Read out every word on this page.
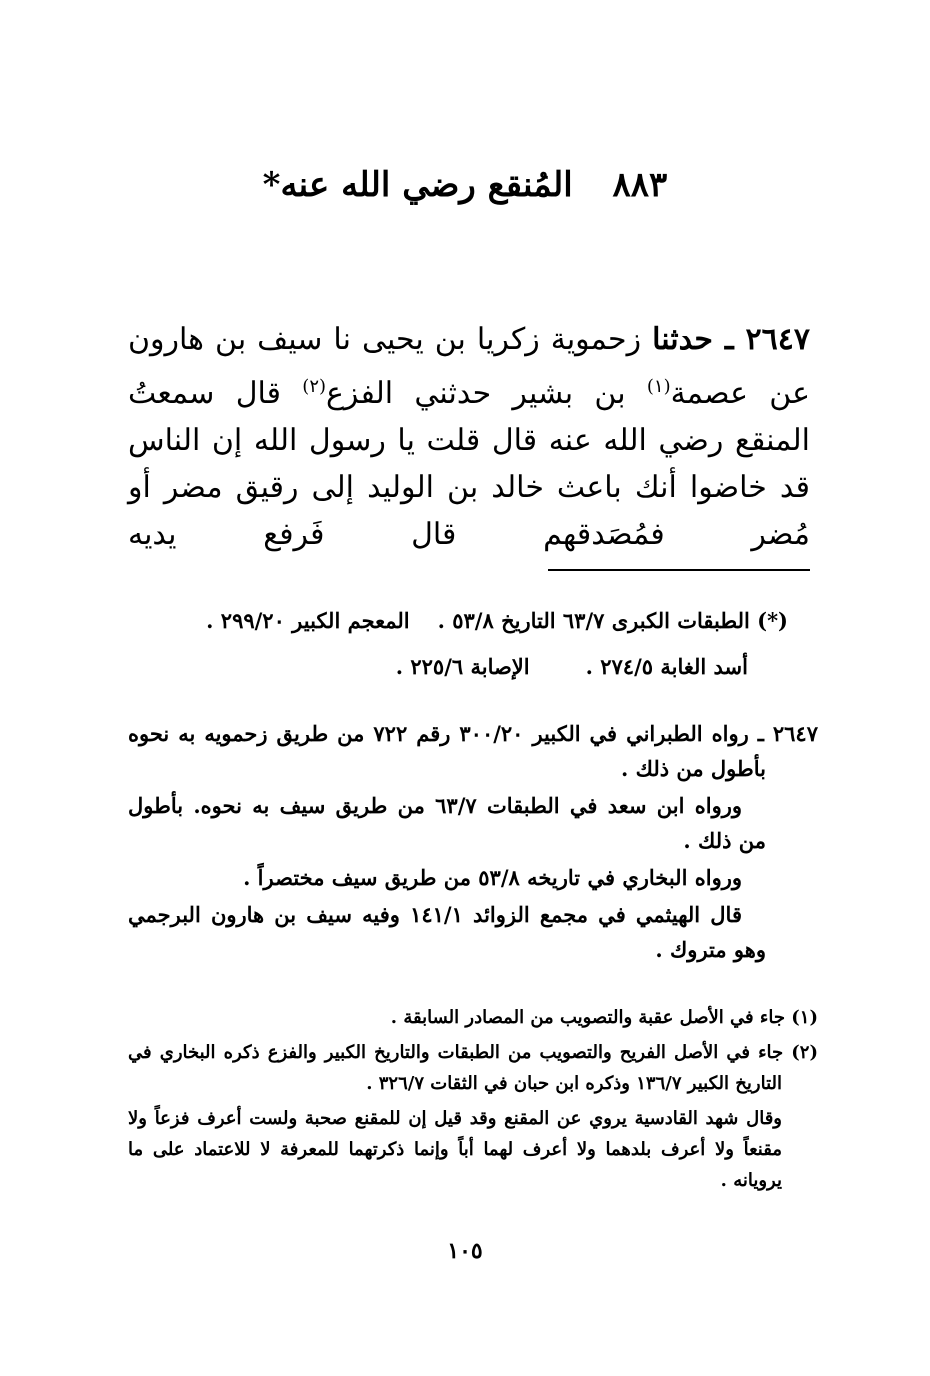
٨٨٣ المُنقع رضي الله عنه*

٢٦٤٧ ـ حدثنا زحموية زكريا بن يحيى نا سيف بن هارون عن عصمة$^{(١)}$ بن بشير حدثني الفزع$^{(٢)}$ قال سمعتُ المنقع رضي الله عنه قال قلت يا رسول الله إن الناس قد خاضوا أنك باعث خالد بن الوليد إلى رقيق مضر أو مُضر فمُصَدقهم قال فَرفع يديه

(*) الطبقات الكبرى ٦٣/٧ التاريخ ٥٣/٨ .المعجم الكبير ٢٩٩/٢٠ .

أسد الغابة ٢٧٤/٥ .الإصابة ٢٢٥/٦ .

٢٦٤٧ ـ رواه الطبراني في الكبير ٣٠٠/٢٠ رقم ٧٢٢ من طريق زحمويه به نحوه بأطول من ذلك .

ورواه ابن سعد في الطبقات ٦٣/٧ من طريق سيف به نحوه. بأطول من ذلك .

ورواه البخاري في تاريخه ٥٣/٨ من طريق سيف مختصراً .

قال الهيثمي في مجمع الزوائد ١٤١/١ وفيه سيف بن هارون البرجمي وهو متروك .

(١) جاء في الأصل عقبة والتصويب من المصادر السابقة .

(٢) جاء في الأصل الفريح والتصويب من الطبقات والتاريخ الكبير والفزع ذكره البخاري في التاريخ الكبير ١٣٦/٧ وذكره ابن حبان في الثقات ٣٢٦/٧ .

وقال شهد القادسية يروي عن المقنع وقد قيل إن للمقنع صحبة ولست أعرف فزعاً ولا مقنعاً ولا أعرف بلدهما ولا أعرف لهما أباً وإنما ذكرتهما للمعرفة لا للاعتماد على ما يرويانه .

١٠٥
